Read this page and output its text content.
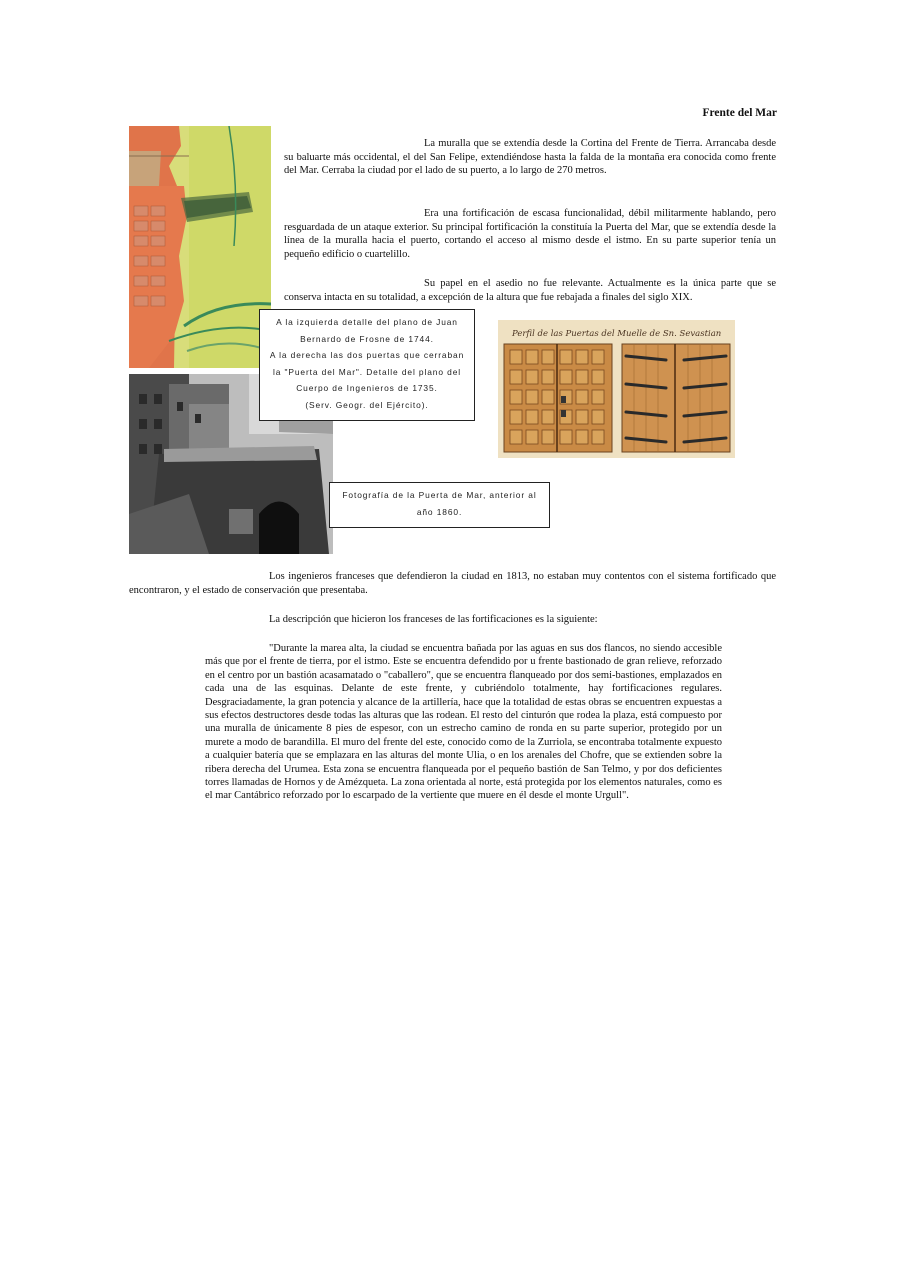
Frente del Mar

La muralla que se extendía desde la Cortina del Frente de Tierra. Arrancaba desde su baluarte más occidental, el del San Felipe, extendiéndose hasta la falda de la montaña era conocida como frente del Mar. Cerraba la ciudad por el lado de su puerto, a lo largo de 270 metros.

Era una fortificación de escasa funcionalidad, débil militarmente hablando, pero resguardada de un ataque exterior. Su principal fortificación la constituía la Puerta del Mar, que se extendía desde la línea de la muralla hacia el puerto, cortando el acceso al mismo desde el istmo. En su parte superior tenía un pequeño edificio o cuartelillo.

Su papel en el asedio no fue relevante. Actualmente es la única parte que se conserva intacta en su totalidad, a excepción de la altura que fue rebajada a finales del siglo XIX.

Perfil de las Puertas del Muelle de Sn. Sevastian
A la izquierda detalle del plano de Juan
Bernardo de Frosne de 1744.
A la derecha las dos puertas que cerraban
la "Puerta del Mar". Detalle del plano del
Cuerpo de Ingenieros de 1735.
(Serv. Geogr. del Ejército).
Fotografía de la Puerta de Mar, anterior al
año 1860.

Los ingenieros franceses que defendieron la ciudad en 1813, no estaban muy contentos con el sistema fortificado que encontraron, y el estado de conservación que presentaba.

La descripción que hicieron los franceses de las fortificaciones es la siguiente:

"Durante la marea alta, la ciudad se encuentra bañada por las aguas en sus dos flancos, no siendo accesible más que por el frente de tierra, por el istmo. Este se encuentra defendido por u frente bastionado de gran relieve, reforzado en el centro por un bastión acasamatado o "caballero", que se encuentra flanqueado por dos semi-bastiones, emplazados en cada una de las esquinas. Delante de este frente, y cubriéndolo totalmente, hay fortificaciones regulares. Desgraciadamente, la gran potencia y alcance de la artillería, hace que la totalidad de estas obras se encuentren expuestas a sus efectos destructores desde todas las alturas que las rodean. El resto del cinturón que rodea la plaza, está compuesto por una muralla de únicamente 8 pies de espesor, con un estrecho camino de ronda en su parte superior, protegido por un murete a modo de barandilla. El muro del frente del este, conocido como de la Zurriola, se encontraba totalmente expuesto a cualquier batería que se emplazara en las alturas del monte Ulia, o en los arenales del Chofre, que se extienden sobre la ribera derecha del Urumea. Esta zona se encuentra flanqueada por el pequeño bastión de San Telmo, y por dos deficientes torres llamadas de Hornos y de Amézqueta. La zona orientada al norte, está protegida por los elementos naturales, como es el mar Cantábrico reforzado por lo escarpado de la vertiente que muere en él desde el monte Urgull".
